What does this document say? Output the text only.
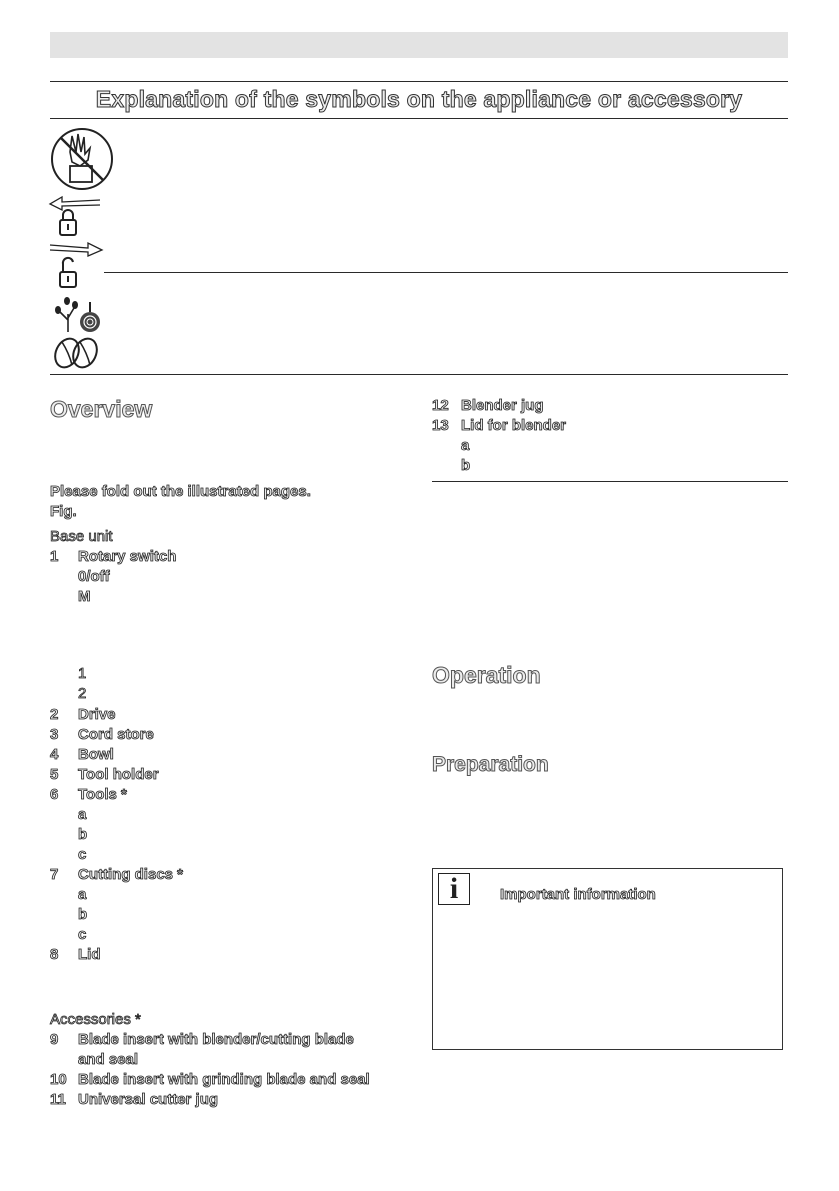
Explanation of the symbols on the appliance or accessory
Overview
Please fold out the illustrated pages.
Fig.
Base unit
1 Rotary switch
0/off
M
1
2
2 Drive
3 Cord store
4 Bowl
5 Tool holder
6 Tools *
a
b
c
7 Cutting discs *
a
b
c
8 Lid
Accessories *
9 Blade insert with blender/cutting blade
and seal
10 Blade insert with grinding blade and seal
11 Universal cutter jug
12 Blender jug
13 Lid for blender
a
b
Operation
Preparation
i	Important information
